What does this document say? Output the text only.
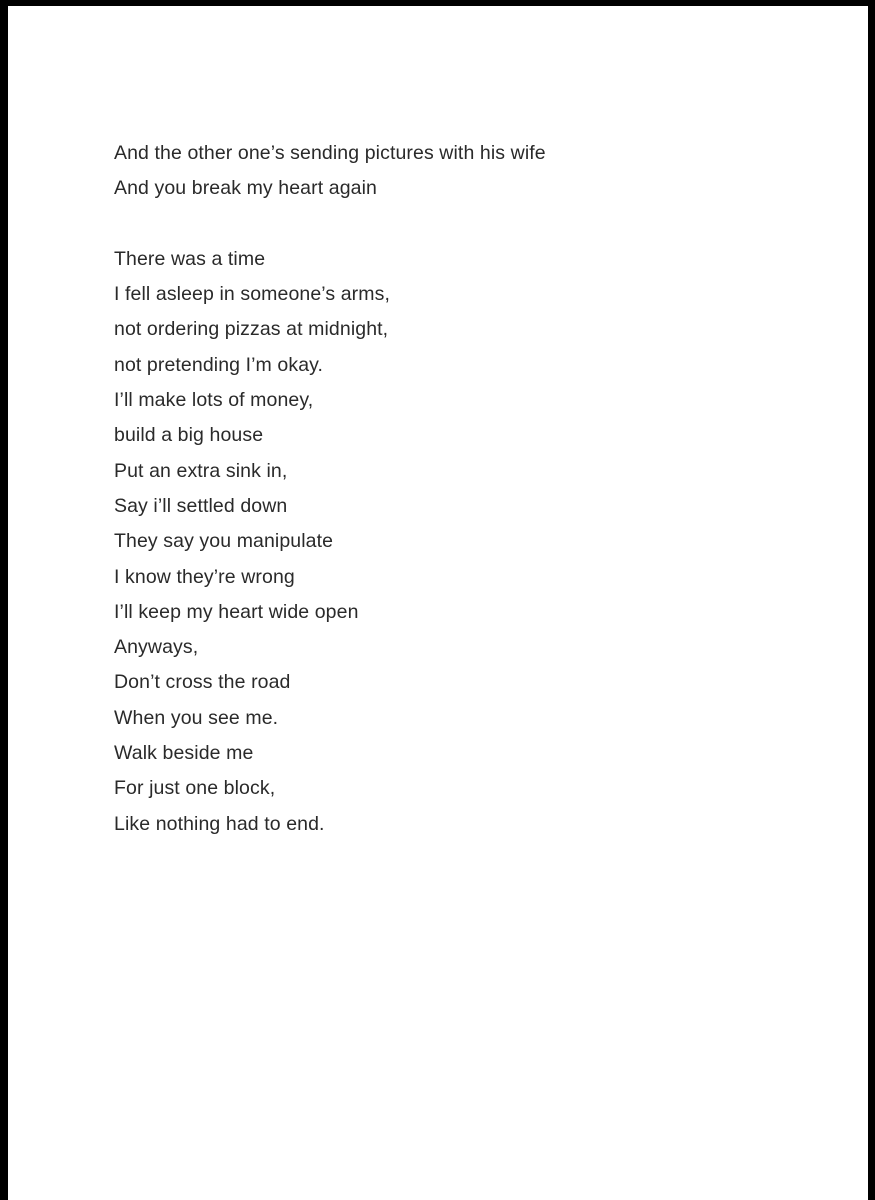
And the other one’s sending pictures with his wife
And you break my heart again
There was a time
I fell asleep in someone’s arms,
not ordering pizzas at midnight,
not pretending I’m okay.
I’ll make lots of money,
build a big house
Put an extra sink in,
Say i’ll settled down
They say you manipulate
I know they’re wrong
I’ll keep my heart wide open
Anyways,
Don’t cross the road
When you see me.
Walk beside me
For just one block,
Like nothing had to end.
